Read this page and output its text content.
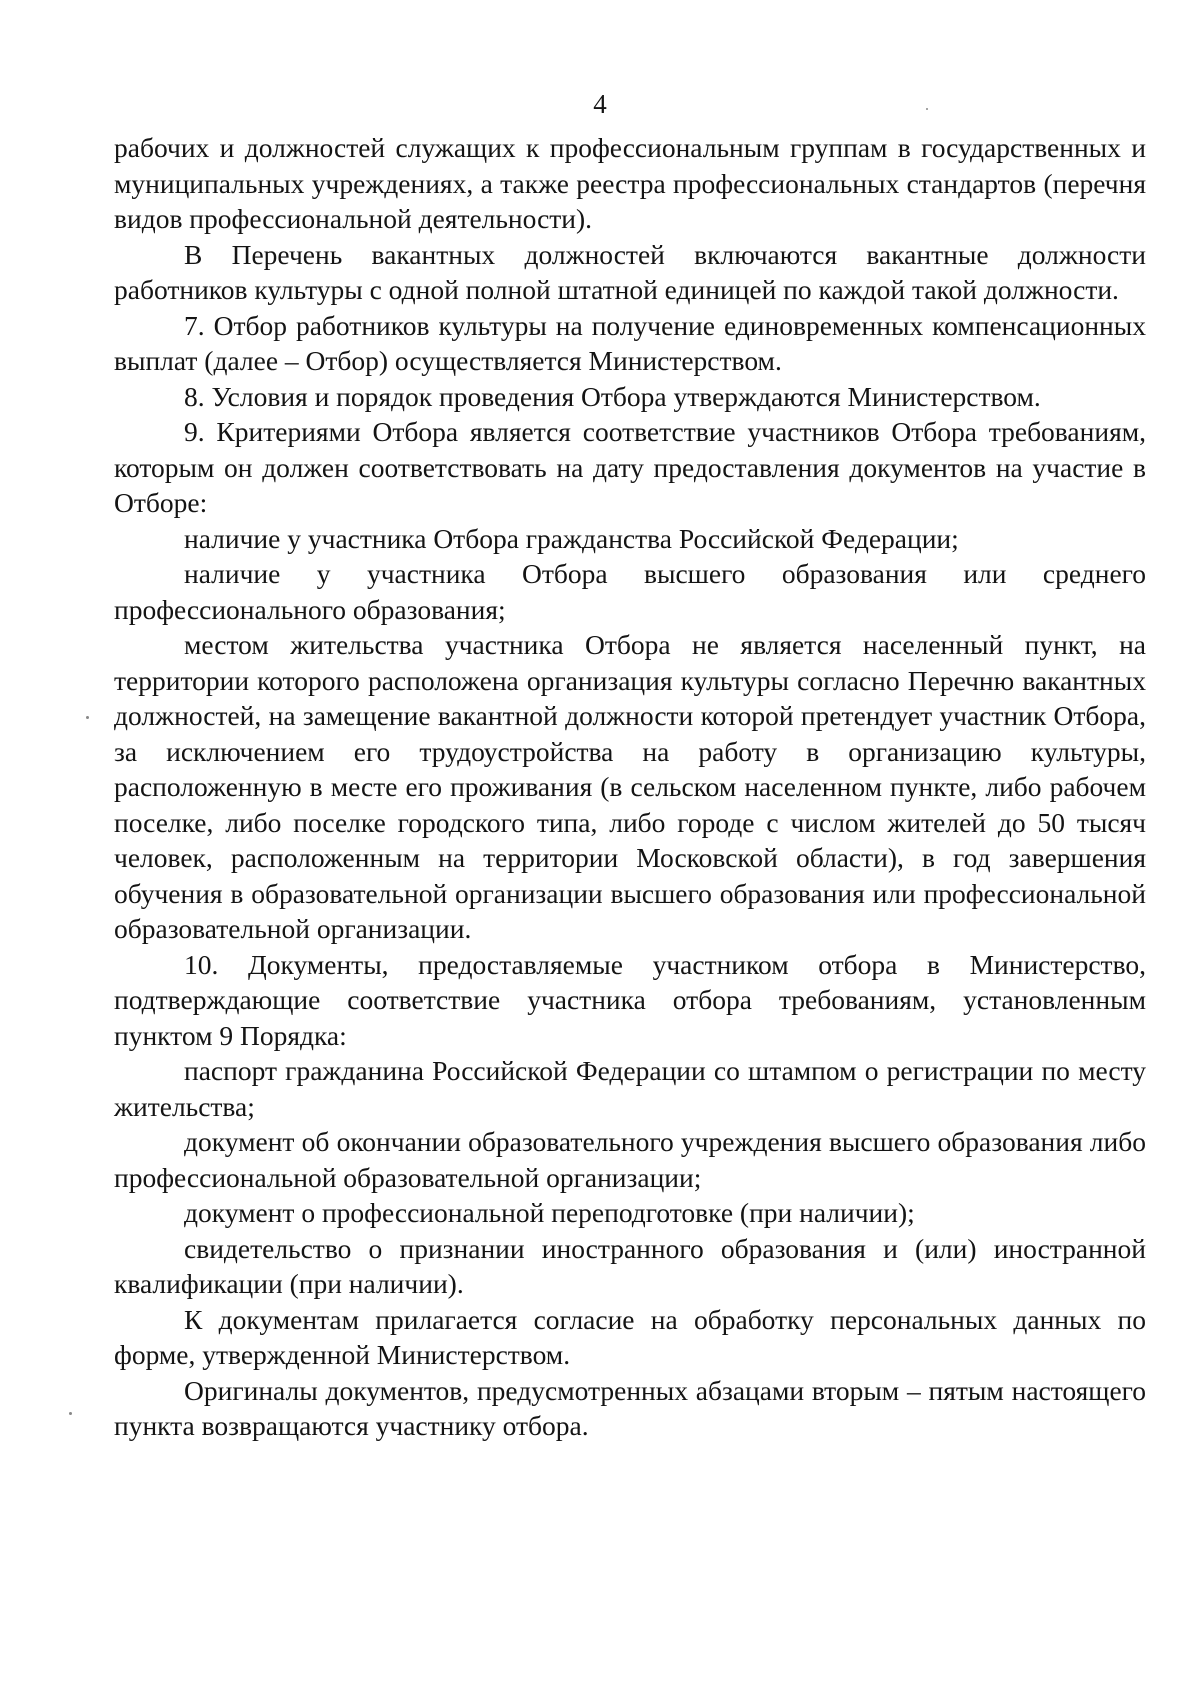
4

рабочих и должностей служащих к профессиональным группам в государственных и муниципальных учреждениях, а также реестра профессиональных стандартов (перечня видов профессиональной деятельности).

В Перечень вакантных должностей включаются вакантные должности работников культуры с одной полной штатной единицей по каждой такой должности.

7. Отбор работников культуры на получение единовременных компенсационных выплат (далее – Отбор) осуществляется Министерством.

8. Условия и порядок проведения Отбора утверждаются Министерством.

9. Критериями Отбора является соответствие участников Отбора требованиям, которым он должен соответствовать на дату предоставления документов на участие в Отборе:

наличие у участника Отбора гражданства Российской Федерации;

наличие у участника Отбора высшего образования или среднего профессионального образования;

местом жительства участника Отбора не является населенный пункт, на территории которого расположена организация культуры согласно Перечню вакантных должностей, на замещение вакантной должности которой претендует участник Отбора, за исключением его трудоустройства на работу в организацию культуры, расположенную в месте его проживания (в сельском населенном пункте, либо рабочем поселке, либо поселке городского типа, либо городе с числом жителей до 50 тысяч человек, расположенным на территории Московской области), в год завершения обучения в образовательной организации высшего образования или профессиональной образовательной организации.

10. Документы, предоставляемые участником отбора в Министерство, подтверждающие соответствие участника отбора требованиям, установленным пунктом 9 Порядка:

паспорт гражданина Российской Федерации со штампом о регистрации по месту жительства;

документ об окончании образовательного учреждения высшего образования либо профессиональной образовательной организации;

документ о профессиональной переподготовке (при наличии);

свидетельство о признании иностранного образования и (или) иностранной квалификации (при наличии).

К документам прилагается согласие на обработку персональных данных по форме, утвержденной Министерством.

Оригиналы документов, предусмотренных абзацами вторым – пятым настоящего пункта возвращаются участнику отбора.
